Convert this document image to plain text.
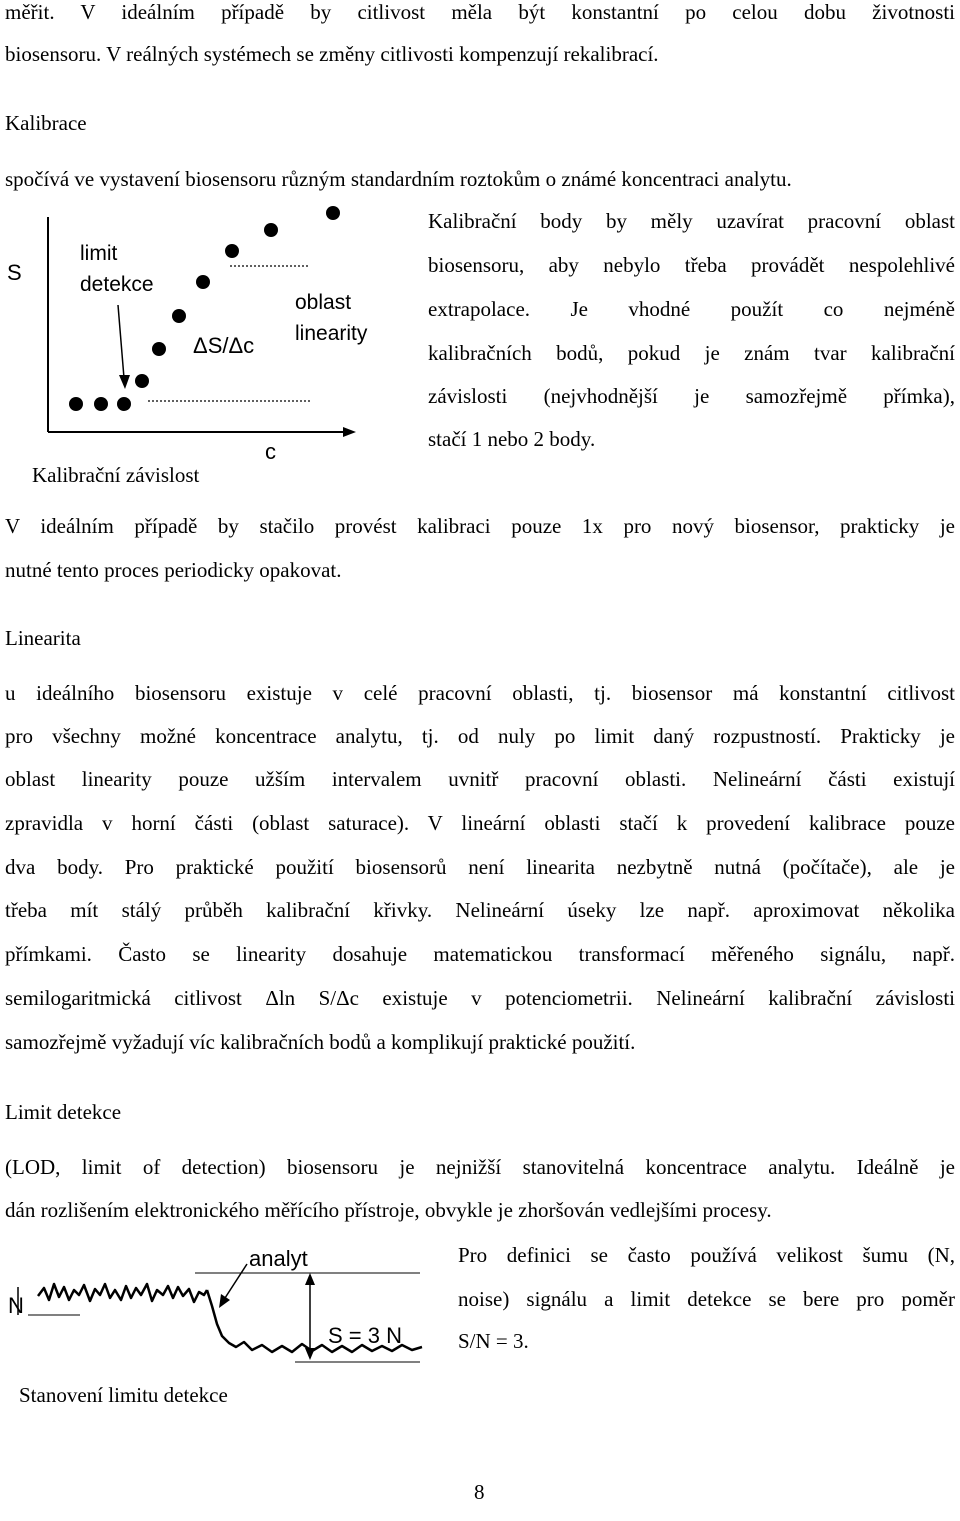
měřit. V ideálním případě by citlivost měla být konstantní po celou dobu životnosti
biosensoru. V reálných systémech se změny citlivosti kompenzují rekalibrací.
Kalibrace
spočívá ve vystavení biosensoru různým standardním roztokům o známé koncentraci analytu.
Kalibrační body by měly uzavírat pracovní oblast
biosensoru, aby nebylo třeba provádět nespolehlivé
extrapolace. Je vhodné použít co nejméně
kalibračních bodů, pokud je znám tvar kalibrační
závislosti (nejvhodnější je samozřejmě přímka),
stačí 1 nebo 2 body.
S
limit
detekce
oblast
linearity
ΔS/Δc
c
Kalibrační závislost
V ideálním případě by stačilo provést kalibraci pouze 1x pro nový biosensor, prakticky je
nutné tento proces periodicky opakovat.
Linearita
u ideálního biosensoru existuje v celé pracovní oblasti, tj. biosensor má konstantní citlivost
pro všechny možné koncentrace analytu, tj. od nuly po limit daný rozpustností. Prakticky je
oblast linearity pouze užším intervalem uvnitř pracovní oblasti. Nelineární části existují
zpravidla v horní části (oblast saturace). V lineární oblasti stačí k provedení kalibrace pouze
dva body. Pro praktické použití biosensorů není linearita nezbytně nutná (počítače), ale je
třeba mít stálý průběh kalibrační křivky. Nelineární úseky lze např. aproximovat několika
přímkami. Často se linearity dosahuje matematickou transformací měřeného signálu, např.
semilogaritmická citlivost Δln S/Δc existuje v potenciometrii. Nelineární kalibrační závislosti
samozřejmě vyžadují víc kalibračních bodů a komplikují praktické použití.
Limit detekce
(LOD, limit of detection) biosensoru je nejnižší stanovitelná koncentrace analytu. Ideálně je
dán rozlišením elektronického měřícího přístroje, obvykle je zhoršován vedlejšími procesy.
Pro definici se často používá velikost šumu (N,
noise) signálu a limit detekce se bere pro poměr
S/N = 3.
N
analyt
S = 3 N
Stanovení limitu detekce
8
